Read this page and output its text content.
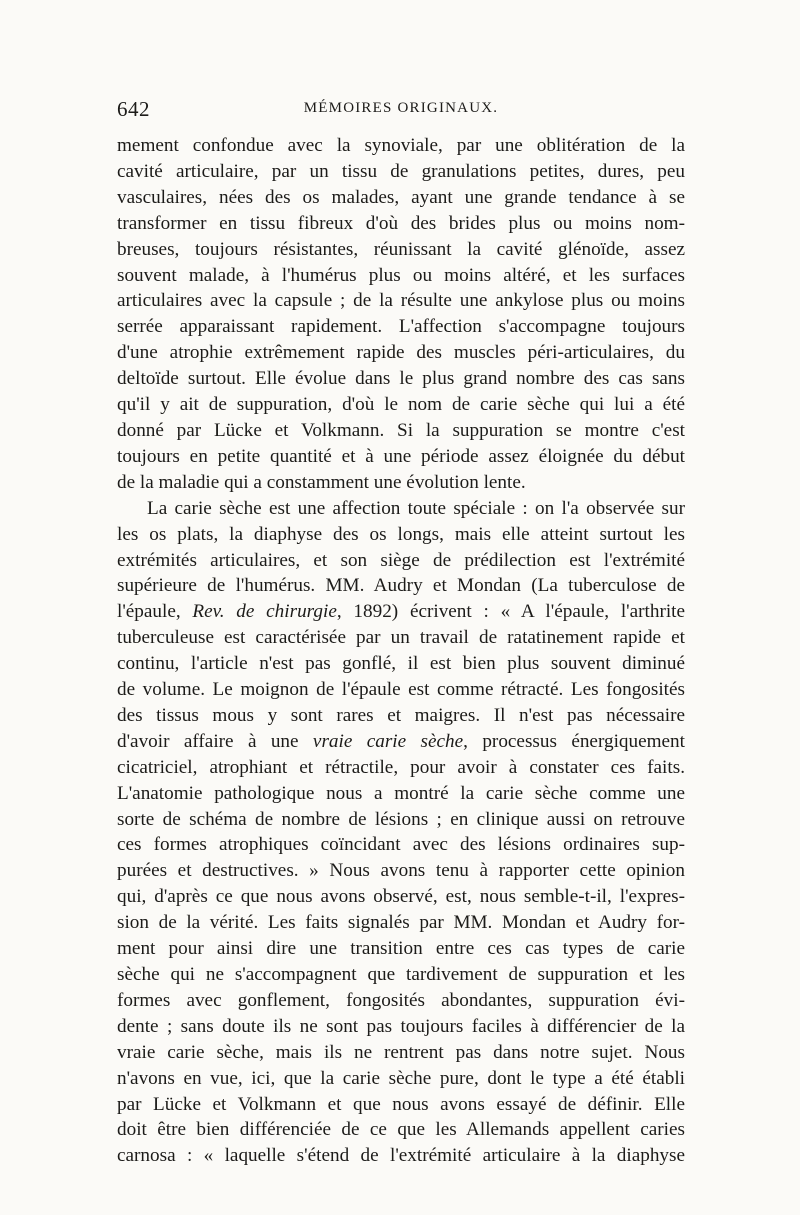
642	MÉMOIRES ORIGINAUX.

mement confondue avec la synoviale, par une oblitération de la
cavité articulaire, par un tissu de granulations petites, dures, peu
vasculaires, nées des os malades, ayant une grande tendance à se
transformer en tissu fibreux d'où des brides plus ou moins nom-
breuses, toujours résistantes, réunissant la cavité glénoïde, assez
souvent malade, à l'humérus plus ou moins altéré, et les surfaces
articulaires avec la capsule ; de la résulte une ankylose plus ou moins
serrée apparaissant rapidement. L'affection s'accompagne toujours
d'une atrophie extrêmement rapide des muscles péri-articulaires, du
deltoïde surtout. Elle évolue dans le plus grand nombre des cas sans
qu'il y ait de suppuration, d'où le nom de carie sèche qui lui a été
donné par Lücke et Volkmann. Si la suppuration se montre c'est
toujours en petite quantité et à une période assez éloignée du début
de la maladie qui a constamment une évolution lente.

La carie sèche est une affection toute spéciale : on l'a observée sur
les os plats, la diaphyse des os longs, mais elle atteint surtout les
extrémités articulaires, et son siège de prédilection est l'extrémité
supérieure de l'humérus. MM. Audry et Mondan (La tuberculose de
l'épaule, Rev. de chirurgie, 1892) écrivent : « A l'épaule, l'arthrite
tuberculeuse est caractérisée par un travail de ratatinement rapide et
continu, l'article n'est pas gonflé, il est bien plus souvent diminué
de volume. Le moignon de l'épaule est comme rétracté. Les fongosités
des tissus mous y sont rares et maigres. Il n'est pas nécessaire
d'avoir affaire à une vraie carie sèche, processus énergiquement
cicatriciel, atrophiant et rétractile, pour avoir à constater ces faits.
L'anatomie pathologique nous a montré la carie sèche comme une
sorte de schéma de nombre de lésions ; en clinique aussi on retrouve
ces formes atrophiques coïncidant avec des lésions ordinaires sup-
purées et destructives. » Nous avons tenu à rapporter cette opinion
qui, d'après ce que nous avons observé, est, nous semble-t-il, l'expres-
sion de la vérité. Les faits signalés par MM. Mondan et Audry for-
ment pour ainsi dire une transition entre ces cas types de carie
sèche qui ne s'accompagnent que tardivement de suppuration et les
formes avec gonflement, fongosités abondantes, suppuration évi-
dente ; sans doute ils ne sont pas toujours faciles à différencier de la
vraie carie sèche, mais ils ne rentrent pas dans notre sujet. Nous
n'avons en vue, ici, que la carie sèche pure, dont le type a été établi
par Lücke et Volkmann et que nous avons essayé de définir. Elle
doit être bien différenciée de ce que les Allemands appellent caries
carnosa : « laquelle s'étend de l'extrémité articulaire à la diaphyse
